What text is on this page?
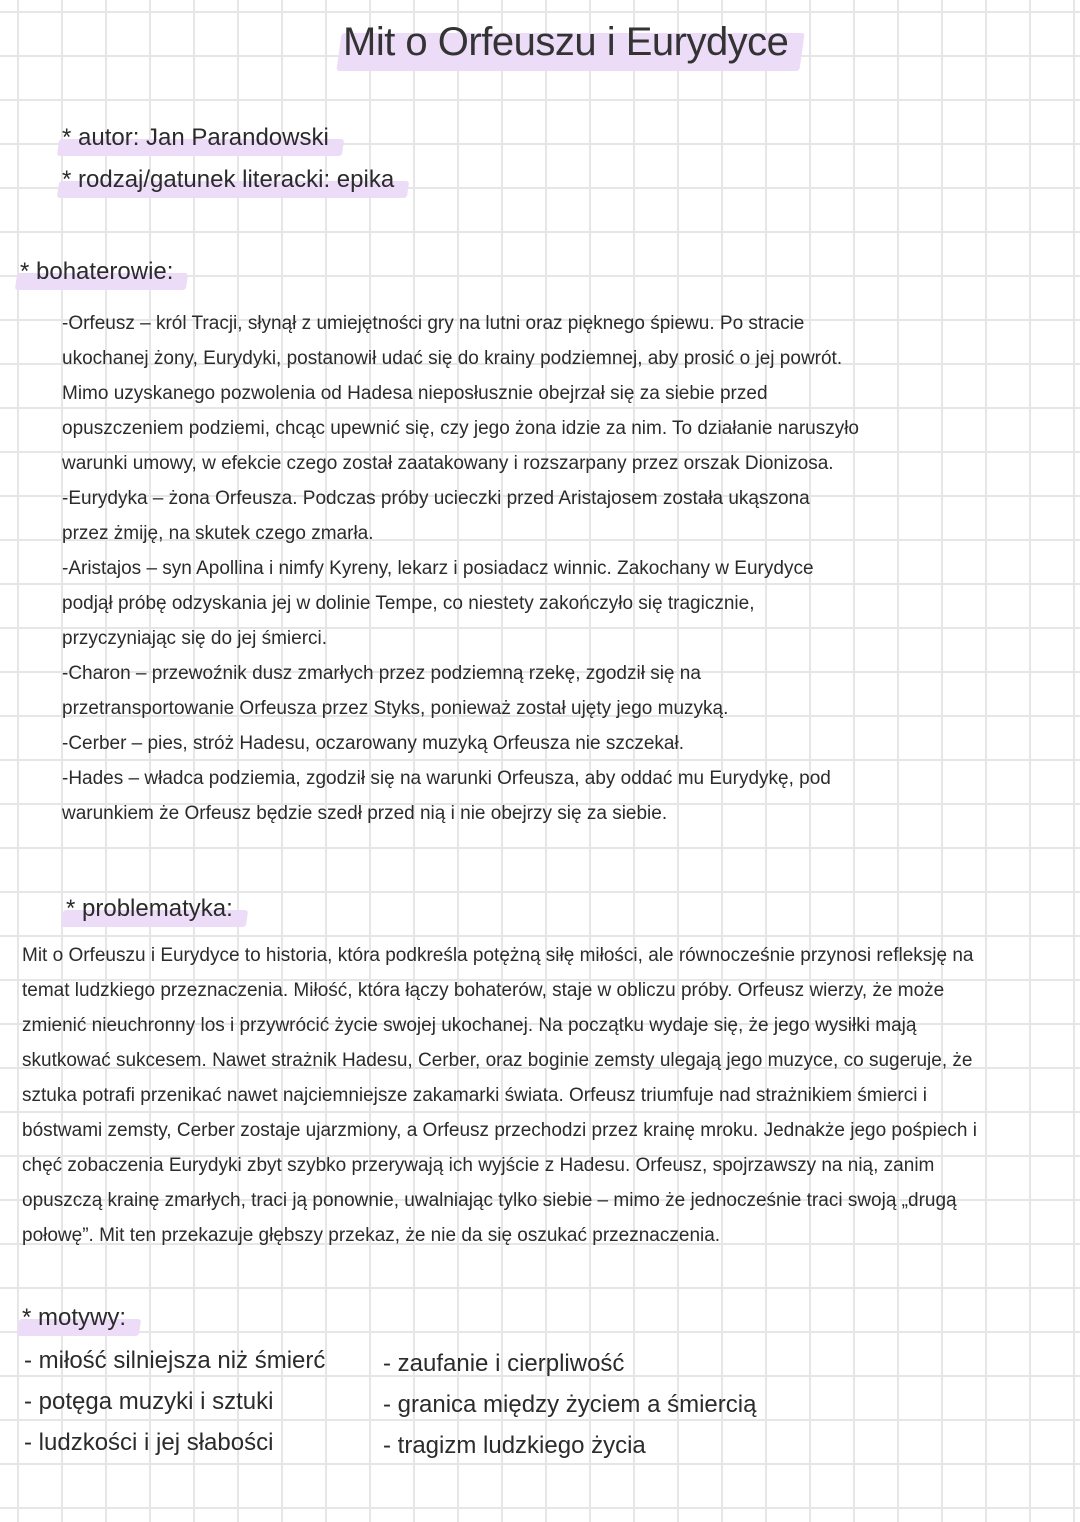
Mit o Orfeuszu i Eurydyce
* autor: Jan Parandowski
* rodzaj/gatunek literacki: epika
* bohaterowie:
-Orfeusz – król Tracji, słynął z umiejętności gry na lutni oraz pięknego śpiewu. Po stracie
ukochanej żony, Eurydyki, postanowił udać się do krainy podziemnej, aby prosić o jej powrót.
Mimo uzyskanego pozwolenia od Hadesa nieposłusznie obejrzał się za siebie przed
opuszczeniem podziemi, chcąc upewnić się, czy jego żona idzie za nim. To działanie naruszyło
warunki umowy, w efekcie czego został zaatakowany i rozszarpany przez orszak Dionizosa.
-Eurydyka – żona Orfeusza. Podczas próby ucieczki przed Aristajosem została ukąszona
przez żmiję, na skutek czego zmarła.
-Aristajos – syn Apollina i nimfy Kyreny, lekarz i posiadacz winnic. Zakochany w Eurydyce
podjął próbę odzyskania jej w dolinie Tempe, co niestety zakończyło się tragicznie,
przyczyniając się do jej śmierci.
-Charon – przewoźnik dusz zmarłych przez podziemną rzekę, zgodził się na
przetransportowanie Orfeusza przez Styks, ponieważ został ujęty jego muzyką.
-Cerber – pies, stróż Hadesu, oczarowany muzyką Orfeusza nie szczekał.
-Hades – władca podziemia, zgodził się na warunki Orfeusza, aby oddać mu Eurydykę, pod
warunkiem że Orfeusz będzie szedł przed nią i nie obejrzy się za siebie.
* problematyka:
Mit o Orfeuszu i Eurydyce to historia, która podkreśla potężną siłę miłości, ale równocześnie przynosi refleksję na
temat ludzkiego przeznaczenia. Miłość, która łączy bohaterów, staje w obliczu próby. Orfeusz wierzy, że może
zmienić nieuchronny los i przywrócić życie swojej ukochanej. Na początku wydaje się, że jego wysiłki mają
skutkować sukcesem. Nawet strażnik Hadesu, Cerber, oraz boginie zemsty ulegają jego muzyce, co sugeruje, że
sztuka potrafi przenikać nawet najciemniejsze zakamarki świata. Orfeusz triumfuje nad strażnikiem śmierci i
bóstwami zemsty, Cerber zostaje ujarzmiony, a Orfeusz przechodzi przez krainę mroku. Jednakże jego pośpiech i
chęć zobaczenia Eurydyki zbyt szybko przerywają ich wyjście z Hadesu. Orfeusz, spojrzawszy na nią, zanim
opuszczą krainę zmarłych, traci ją ponownie, uwalniając tylko siebie – mimo że jednocześnie traci swoją „drugą
połowę”. Mit ten przekazuje głębszy przekaz, że nie da się oszukać przeznaczenia.
* motywy:
- miłość silniejsza niż śmierć
- potęga muzyki i sztuki
- ludzkości i jej słabości
- zaufanie i cierpliwość
- granica między życiem a śmiercią
- tragizm ludzkiego życia
